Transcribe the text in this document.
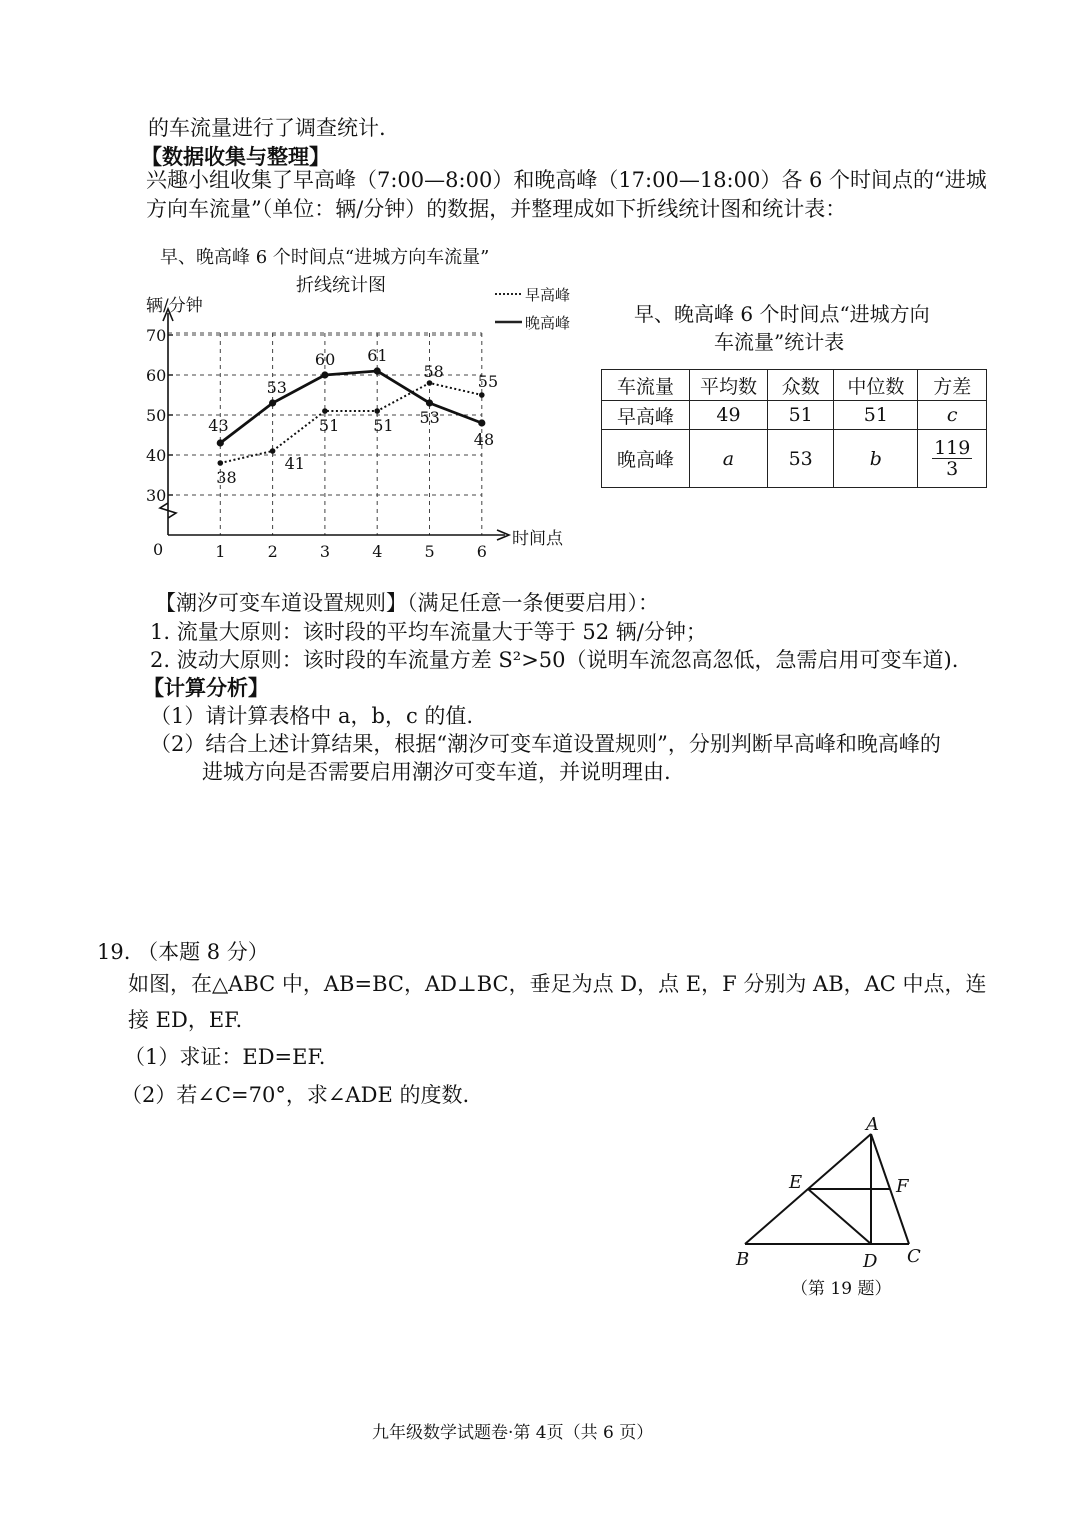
的车流量进行了调查统计.
【数据收集与整理】
兴趣小组收集了早高峰（7:00—8:00）和晚高峰（17:00—18:00）各 6 个时间点的“进城
方向车流量”（单位：辆/分钟）的数据，并整理成如下折线统计图和统计表：
早、晚高峰 6 个时间点“进城方向车流量”
折线统计图
辆/分钟
时间点
0
早高峰
晚高峰
30
40
50
60
70
1	2	3	4	5	6
38
41
51 51
58
55
43
53
60 61
53
48
早、晚高峰 6 个时间点“进城方向
车流量”统计表
车流量	平均数	众数	中位数	方差
早高峰	49	51	51	c
晚高峰	a	53	b	$\frac{119}{3}$
【潮汐可变车道设置规则】（满足任意一条便要启用）：
1. 流量大原则：该时段的平均车流量大于等于 52 辆/分钟；
2. 波动大原则：该时段的车流量方差 S²>50（说明车流忽高忽低，急需启用可变车道).
【计算分析】
（1）请计算表格中 a，b，c 的值.
（2）结合上述计算结果，根据“潮汐可变车道设置规则”，分别判断早高峰和晚高峰的
进城方向是否需要启用潮汐可变车道，并说明理由.
19. （本题 8 分）
如图，在△ABC 中，AB=BC，AD⊥BC，垂足为点 D，点 E，F 分别为 AB，AC 中点，连
接 ED，EF.
（1）求证：ED=EF.
（2）若∠C=70°，求∠ADE 的度数.
A
E	F
B	D C
（第 19 题）
九年级数学试题卷·第 4页（共 6 页）
